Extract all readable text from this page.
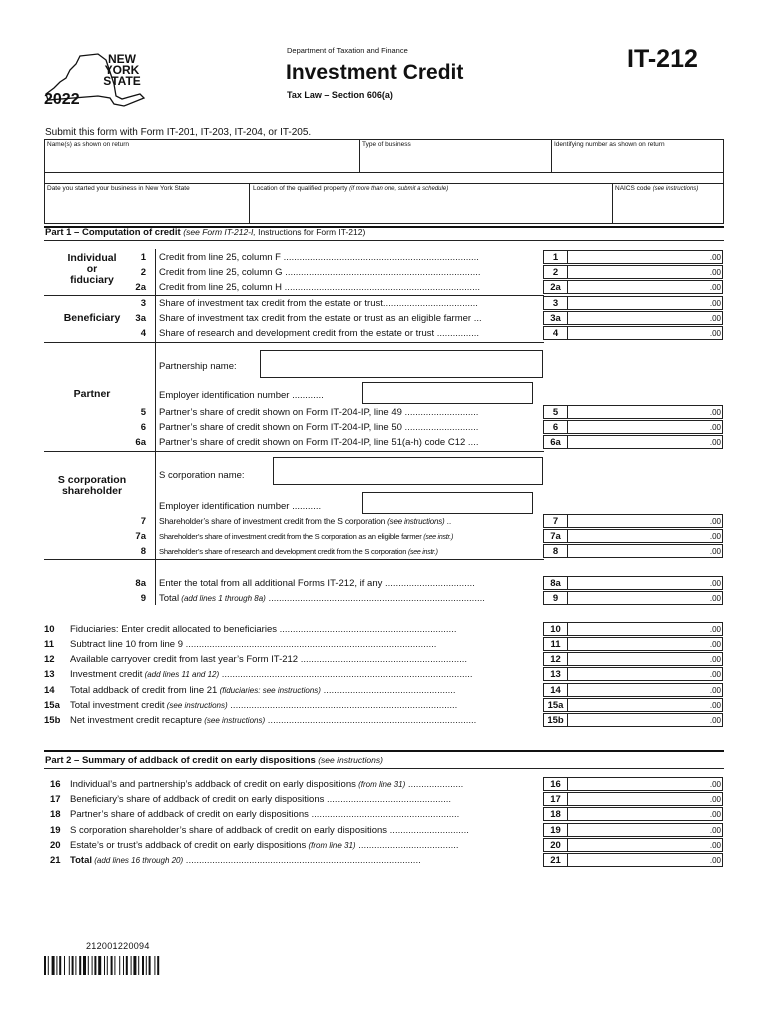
NEW
YORK
STATE
2022
Department of Taxation and Finance
Investment Credit
Tax Law – Section 606(a)
IT-212
Submit this form with Form IT-201, IT-203, IT-204, or IT-205.
Name(s) as shown on return	Type of business	Identifying number as shown on return
Date you started your business in New York State	Location of the qualified property (if more than one, submit a schedule)	NAICS code (see instructions)
Part 1 – Computation of credit (see Form IT-212-I, Instructions for Form IT-212)
Individual
or
fiduciary
Beneficiary
Partner
S corporation
shareholder
Partnership name:
Employer identification number ............
S corporation name:
Employer identification number ...........
1 Credit from line 25, column F ..........................................................................	1	.00
2 Credit from line 25, column G ..........................................................................	2	.00
2a Credit from line 25, column H ..........................................................................	2a	.00
3 Share of investment tax credit from the estate or trust....................................	3	.00
3a Share of investment tax credit from the estate or trust as an eligible farmer ...	3a	.00
4 Share of research and development credit from the estate or trust ................	4	.00
5 Partner’s share of credit shown on Form IT-204-IP, line 49 ............................	5	.00
6 Partner’s share of credit shown on Form IT-204-IP, line 50 ............................	6	.00
6a Partner’s share of credit shown on Form IT-204-IP, line 51(a-h) code C12 ....	6a	.00
7 Shareholder’s share of investment credit from the S corporation (see instructions) ..	7	.00
7a Shareholder’s share of investment credit from the S corporation as an eligible farmer (see instr.)	7a	.00
8 Shareholder’s share of research and development credit from the S corporation (see instr.)	8	.00
8a Enter the total from all additional Forms IT-212, if any ..................................	8a	.00
9 Total (add lines 1 through 8a) ..................................................................................	9	.00
10 Fiduciaries: Enter credit allocated to beneficiaries ...................................................................	10	.00
11 Subtract line 10 from line 9 ...............................................................................................	11	.00
12 Available carryover credit from last year’s Form IT-212 ...............................................................	12	.00
13 Investment credit (add lines 11 and 12) ...............................................................................................	13	.00
14 Total addback of credit from line 21 (fiduciaries: see instructions) ..................................................	14	.00
15a Total investment credit (see instructions) ......................................................................................	15a	.00
15b Net investment credit recapture (see instructions) ...............................................................................	15b	.00
Part 2 – Summary of addback of credit on early dispositions (see instructions)
16 Individual’s and partnership’s addback of credit on early dispositions (from line 31) .....................	16	.00
17 Beneficiary’s share of addback of credit on early dispositions ...............................................	17	.00
18 Partner’s share of addback of credit on early dispositions ........................................................	18	.00
19 S corporation shareholder’s share of addback of credit on early dispositions ..............................	19	.00
20 Estate’s or trust’s addback of credit on early dispositions (from line 31) ......................................	20	.00
21 Total (add lines 16 through 20) .........................................................................................	21	.00
212001220094
